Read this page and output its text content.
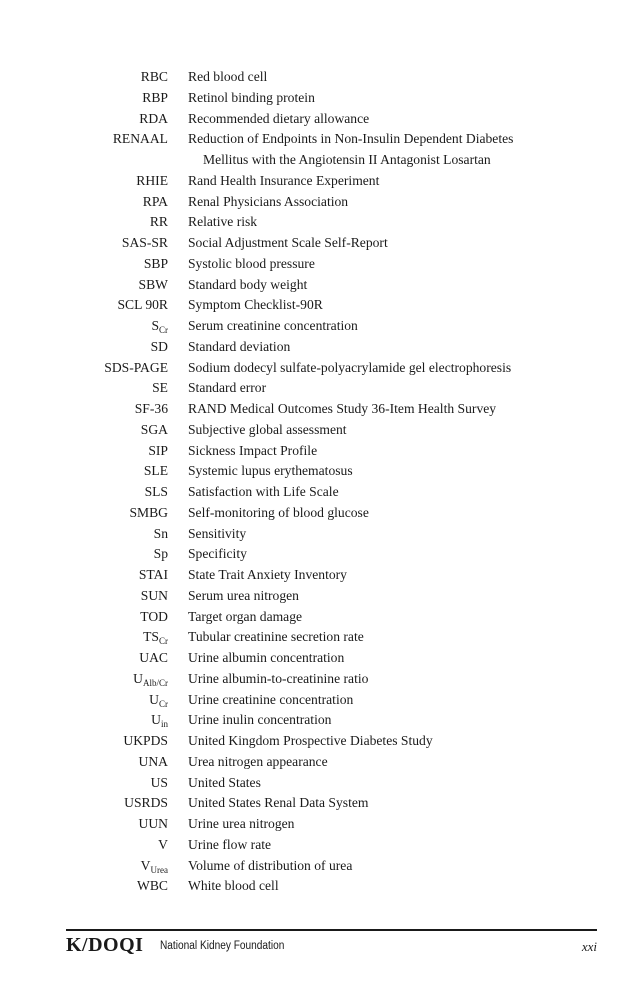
RBC Red blood cell
RBP Retinol binding protein
RDA Recommended dietary allowance
RENAAL Reduction of Endpoints in Non-Insulin Dependent Diabetes
Mellitus with the Angiotensin II Antagonist Losartan
RHIE Rand Health Insurance Experiment
RPA Renal Physicians Association
RR Relative risk
SAS-SR Social Adjustment Scale Self-Report
SBP Systolic blood pressure
SBW Standard body weight
SCL 90R Symptom Checklist-90R
$S_{Cr}$ Serum creatinine concentration
SD Standard deviation
SDS-PAGE Sodium dodecyl sulfate-polyacrylamide gel electrophoresis
SE Standard error
SF-36 RAND Medical Outcomes Study 36-Item Health Survey
SGA Subjective global assessment
SIP Sickness Impact Profile
SLE Systemic lupus erythematosus
SLS Satisfaction with Life Scale
SMBG Self-monitoring of blood glucose
Sn Sensitivity
Sp Specificity
STAI State Trait Anxiety Inventory
SUN Serum urea nitrogen
TOD Target organ damage
$TS_{Cr}$ Tubular creatinine secretion rate
UAC Urine albumin concentration
$U_{Alb/Cr}$ Urine albumin-to-creatinine ratio
$U_{Cr}$ Urine creatinine concentration
$U_{in}$ Urine inulin concentration
UKPDS United Kingdom Prospective Diabetes Study
UNA Urea nitrogen appearance
US United States
USRDS United States Renal Data System
UUN Urine urea nitrogen
V Urine flow rate
$V_{Urea}$ Volume of distribution of urea
WBC White blood cell
K/DOQI National Kidney Foundation	xxi
